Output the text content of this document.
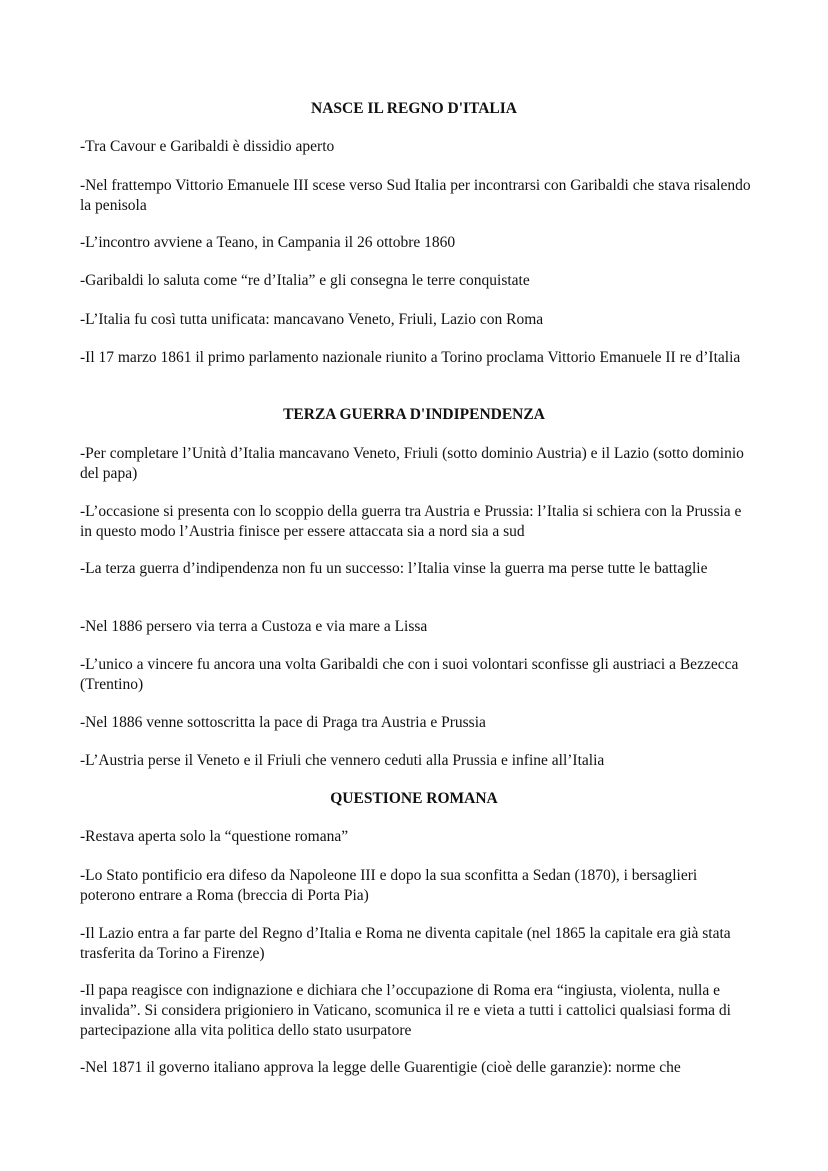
NASCE IL REGNO D'ITALIA

-Tra Cavour e Garibaldi è dissidio aperto

-Nel frattempo Vittorio Emanuele III scese verso Sud Italia per incontrarsi con Garibaldi che stava risalendo la penisola

-L’incontro avviene a Teano, in Campania il 26 ottobre 1860

-Garibaldi lo saluta come “re d’Italia” e gli consegna le terre conquistate

-L’Italia fu così tutta unificata: mancavano Veneto, Friuli, Lazio con Roma

-Il 17 marzo 1861 il primo parlamento nazionale riunito a Torino proclama Vittorio Emanuele II re d’Italia

TERZA GUERRA D'INDIPENDENZA

-Per completare l’Unità d’Italia mancavano Veneto, Friuli (sotto dominio Austria) e il Lazio (sotto dominio del papa)

-L’occasione si presenta con lo scoppio della guerra tra Austria e Prussia: l’Italia si schiera con la Prussia e in questo modo l’Austria finisce per essere attaccata sia a nord sia a sud

-La terza guerra d’indipendenza non fu un successo: l’Italia vinse la guerra ma perse tutte le battaglie

-Nel 1886 persero via terra a Custoza e via mare a Lissa

-L’unico a vincere fu ancora una volta Garibaldi che con i suoi volontari sconfisse gli austriaci a Bezzecca (Trentino)

-Nel 1886 venne sottoscritta la pace di Praga tra Austria e Prussia

-L’Austria perse il Veneto e il Friuli che vennero ceduti alla Prussia e infine all’Italia

QUESTIONE ROMANA

-Restava aperta solo la “questione romana”

-Lo Stato pontificio era difeso da Napoleone III e dopo la sua sconfitta a Sedan (1870), i bersaglieri poterono entrare a Roma (breccia di Porta Pia)

-Il Lazio entra a far parte del Regno d’Italia e Roma ne diventa capitale (nel 1865 la capitale era già stata trasferita da Torino a Firenze)

-Il papa reagisce con indignazione e dichiara che l’occupazione di Roma era “ingiusta, violenta, nulla e invalida”. Si considera prigioniero in Vaticano, scomunica il re e vieta a tutti i cattolici qualsiasi forma di partecipazione alla vita politica dello stato usurpatore

-Nel 1871 il governo italiano approva la legge delle Guarentigie (cioè delle garanzie): norme che
